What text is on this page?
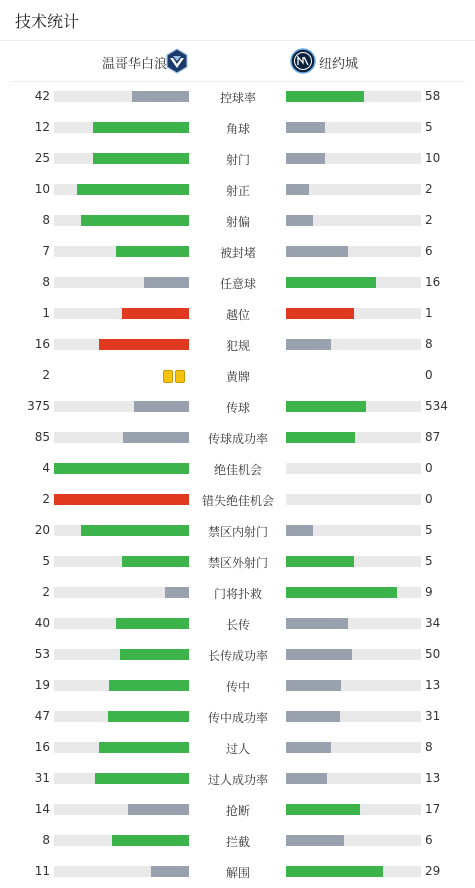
技术统计
温哥华白浪	纽约城
42	控球率	58
12	角球	5
25	射门	10
10	射正	2
8	射偏	2
7	被封堵	6
8	任意球	16
1	越位	1
16	犯规	8
2	黄牌	0
375	传球	534
85	传球成功率	87
4	绝佳机会	0
2	错失绝佳机会	0
20	禁区内射门	5
5	禁区外射门	5
2	门将扑救	9
40	长传	34
53	长传成功率	50
19	传中	13
47	传中成功率	31
16	过人	8
31	过人成功率	13
14	抢断	17
8	拦截	6
11	解围	29
